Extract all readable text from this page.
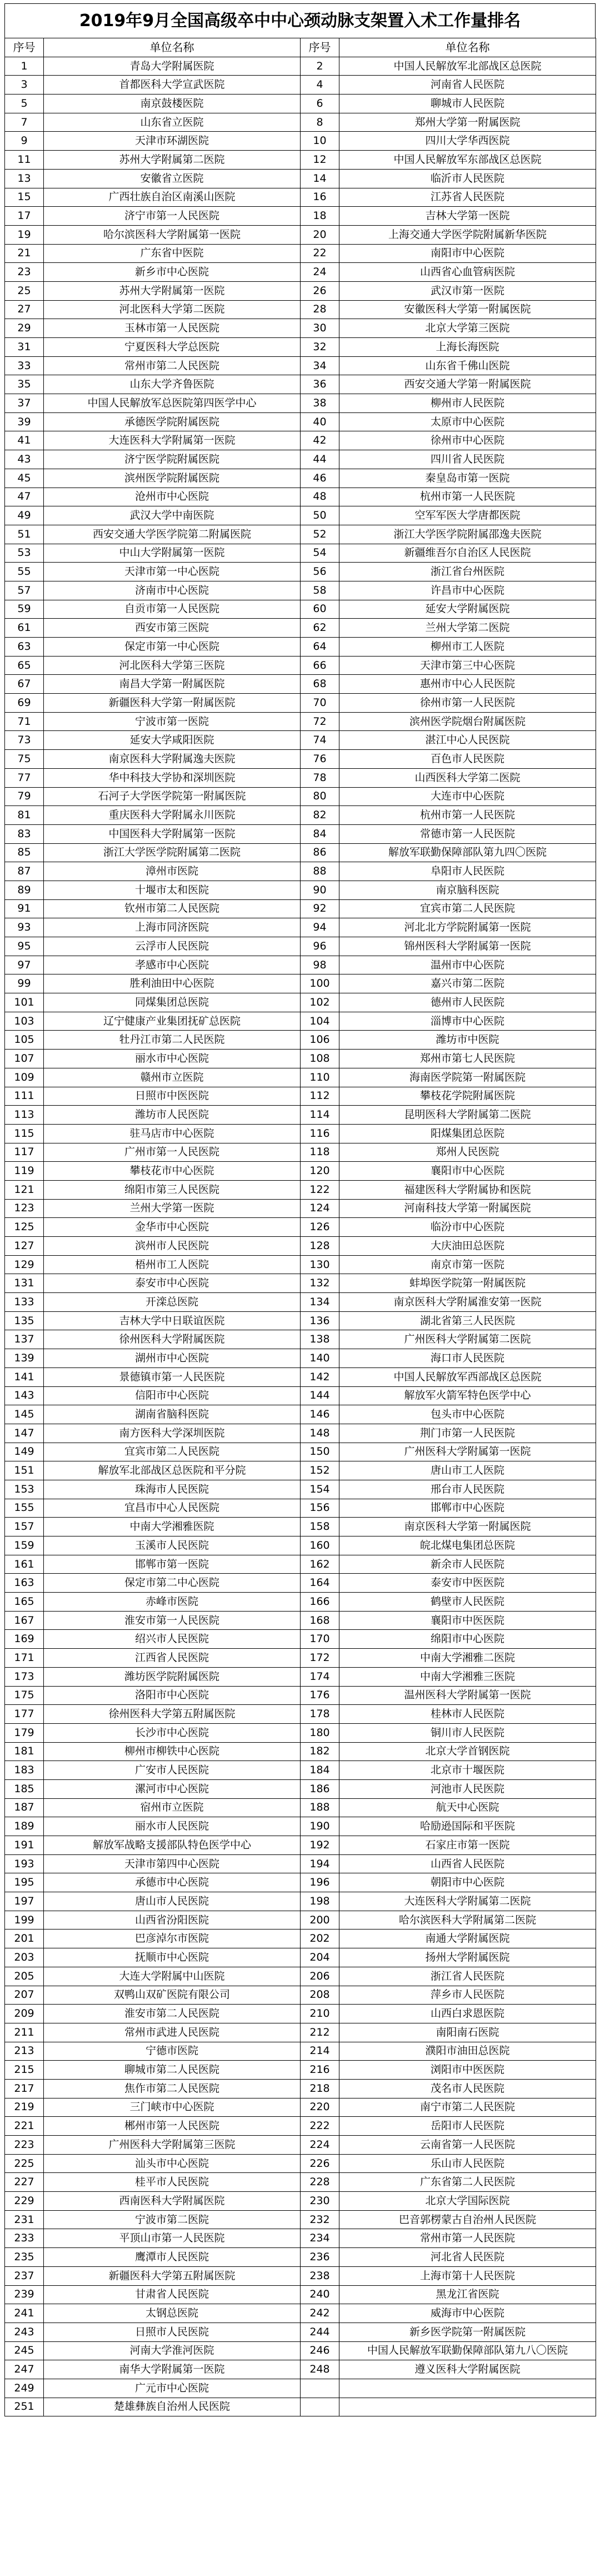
2019年9月全国高级卒中中心颈动脉支架置入术工作量排名
序号	单位名称	序号	单位名称
1	青岛大学附属医院	2	中国人民解放军北部战区总医院
3	首都医科大学宣武医院	4	河南省人民医院
5	南京鼓楼医院	6	聊城市人民医院
7	山东省立医院	8	郑州大学第一附属医院
9	天津市环湖医院	10	四川大学华西医院
11	苏州大学附属第二医院	12	中国人民解放军东部战区总医院
13	安徽省立医院	14	临沂市人民医院
15	广西壮族自治区南溪山医院	16	江苏省人民医院
17	济宁市第一人民医院	18	吉林大学第一医院
19	哈尔滨医科大学附属第一医院	20	上海交通大学医学院附属新华医院
21	广东省中医院	22	南阳市中心医院
23	新乡市中心医院	24	山西省心血管病医院
25	苏州大学附属第一医院	26	武汉市第一医院
27	河北医科大学第二医院	28	安徽医科大学第一附属医院
29	玉林市第一人民医院	30	北京大学第三医院
31	宁夏医科大学总医院	32	上海长海医院
33	常州市第二人民医院	34	山东省千佛山医院
35	山东大学齐鲁医院	36	西安交通大学第一附属医院
37	中国人民解放军总医院第四医学中心	38	柳州市人民医院
39	承德医学院附属医院	40	太原市中心医院
41	大连医科大学附属第一医院	42	徐州市中心医院
43	济宁医学院附属医院	44	四川省人民医院
45	滨州医学院附属医院	46	秦皇岛市第一医院
47	沧州市中心医院	48	杭州市第一人民医院
49	武汉大学中南医院	50	空军军医大学唐都医院
51	西安交通大学医学院第二附属医院	52	浙江大学医学院附属邵逸夫医院
53	中山大学附属第一医院	54	新疆维吾尔自治区人民医院
55	天津市第一中心医院	56	浙江省台州医院
57	济南市中心医院	58	许昌市中心医院
59	自贡市第一人民医院	60	延安大学附属医院
61	西安市第三医院	62	兰州大学第二医院
63	保定市第一中心医院	64	柳州市工人医院
65	河北医科大学第三医院	66	天津市第三中心医院
67	南昌大学第一附属医院	68	惠州市中心人民医院
69	新疆医科大学第一附属医院	70	徐州市第一人民医院
71	宁波市第一医院	72	滨州医学院烟台附属医院
73	延安大学咸阳医院	74	湛江中心人民医院
75	南京医科大学附属逸夫医院	76	百色市人民医院
77	华中科技大学协和深圳医院	78	山西医科大学第二医院
79	石河子大学医学院第一附属医院	80	大连市中心医院
81	重庆医科大学附属永川医院	82	杭州市第一人民医院
83	中国医科大学附属第一医院	84	常德市第一人民医院
85	浙江大学医学院附属第二医院	86	解放军联勤保障部队第九四〇医院
87	漳州市医院	88	阜阳市人民医院
89	十堰市太和医院	90	南京脑科医院
91	钦州市第二人民医院	92	宜宾市第二人民医院
93	上海市同济医院	94	河北北方学院附属第一医院
95	云浮市人民医院	96	锦州医科大学附属第一医院
97	孝感市中心医院	98	温州市中心医院
99	胜利油田中心医院	100	嘉兴市第二医院
101	同煤集团总医院	102	德州市人民医院
103	辽宁健康产业集团抚矿总医院	104	淄博市中心医院
105	牡丹江市第二人民医院	106	潍坊市中医院
107	丽水市中心医院	108	郑州市第七人民医院
109	赣州市立医院	110	海南医学院第一附属医院
111	日照市中医医院	112	攀枝花学院附属医院
113	潍坊市人民医院	114	昆明医科大学附属第二医院
115	驻马店市中心医院	116	阳煤集团总医院
117	广州市第一人民医院	118	郑州人民医院
119	攀枝花市中心医院	120	襄阳市中心医院
121	绵阳市第三人民医院	122	福建医科大学附属协和医院
123	兰州大学第一医院	124	河南科技大学第一附属医院
125	金华市中心医院	126	临汾市中心医院
127	滨州市人民医院	128	大庆油田总医院
129	梧州市工人医院	130	南京市第一医院
131	泰安市中心医院	132	蚌埠医学院第一附属医院
133	开滦总医院	134	南京医科大学附属淮安第一医院
135	吉林大学中日联谊医院	136	湖北省第三人民医院
137	徐州医科大学附属医院	138	广州医科大学附属第二医院
139	湖州市中心医院	140	海口市人民医院
141	景德镇市第一人民医院	142	中国人民解放军西部战区总医院
143	信阳市中心医院	144	解放军火箭军特色医学中心
145	湖南省脑科医院	146	包头市中心医院
147	南方医科大学深圳医院	148	荆门市第一人民医院
149	宜宾市第二人民医院	150	广州医科大学附属第一医院
151	解放军北部战区总医院和平分院	152	唐山市工人医院
153	珠海市人民医院	154	邢台市人民医院
155	宜昌市中心人民医院	156	邯郸市中心医院
157	中南大学湘雅医院	158	南京医科大学第一附属医院
159	玉溪市人民医院	160	皖北煤电集团总医院
161	邯郸市第一医院	162	新余市人民医院
163	保定市第二中心医院	164	泰安市中医医院
165	赤峰市医院	166	鹤壁市人民医院
167	淮安市第一人民医院	168	襄阳市中医医院
169	绍兴市人民医院	170	绵阳市中心医院
171	江西省人民医院	172	中南大学湘雅二医院
173	潍坊医学院附属医院	174	中南大学湘雅三医院
175	洛阳市中心医院	176	温州医科大学附属第一医院
177	徐州医科大学第五附属医院	178	桂林市人民医院
179	长沙市中心医院	180	铜川市人民医院
181	柳州市柳铁中心医院	182	北京大学首钢医院
183	广安市人民医院	184	北京市十堰医院
185	漯河市中心医院	186	河池市人民医院
187	宿州市立医院	188	航天中心医院
189	丽水市人民医院	190	哈励逊国际和平医院
191	解放军战略支援部队特色医学中心	192	石家庄市第一医院
193	天津市第四中心医院	194	山西省人民医院
195	承德市中心医院	196	朝阳市中心医院
197	唐山市人民医院	198	大连医科大学附属第二医院
199	山西省汾阳医院	200	哈尔滨医科大学附属第二医院
201	巴彦淖尔市医院	202	南通大学附属医院
203	抚顺市中心医院	204	扬州大学附属医院
205	大连大学附属中山医院	206	浙江省人民医院
207	双鸭山双矿医院有限公司	208	萍乡市人民医院
209	淮安市第二人民医院	210	山西白求恩医院
211	常州市武进人民医院	212	南阳南石医院
213	宁德市医院	214	濮阳市油田总医院
215	聊城市第二人民医院	216	浏阳市中医医院
217	焦作市第二人民医院	218	茂名市人民医院
219	三门峡市中心医院	220	南宁市第二人民医院
221	郴州市第一人民医院	222	岳阳市人民医院
223	广州医科大学附属第三医院	224	云南省第一人民医院
225	汕头市中心医院	226	乐山市人民医院
227	桂平市人民医院	228	广东省第二人民医院
229	西南医科大学附属医院	230	北京大学国际医院
231	宁波市第二医院	232	巴音郭楞蒙古自治州人民医院
233	平顶山市第一人民医院	234	常州市第一人民医院
235	鹰潭市人民医院	236	河北省人民医院
237	新疆医科大学第五附属医院	238	上海市第十人民医院
239	甘肃省人民医院	240	黑龙江省医院
241	太钢总医院	242	威海市中心医院
243	日照市人民医院	244	新乡医学院第一附属医院
245	河南大学淮河医院	246	中国人民解放军联勤保障部队第九八〇医院
247	南华大学附属第一医院	248	遵义医科大学附属医院
249	广元市中心医院		
251	楚雄彝族自治州人民医院		
